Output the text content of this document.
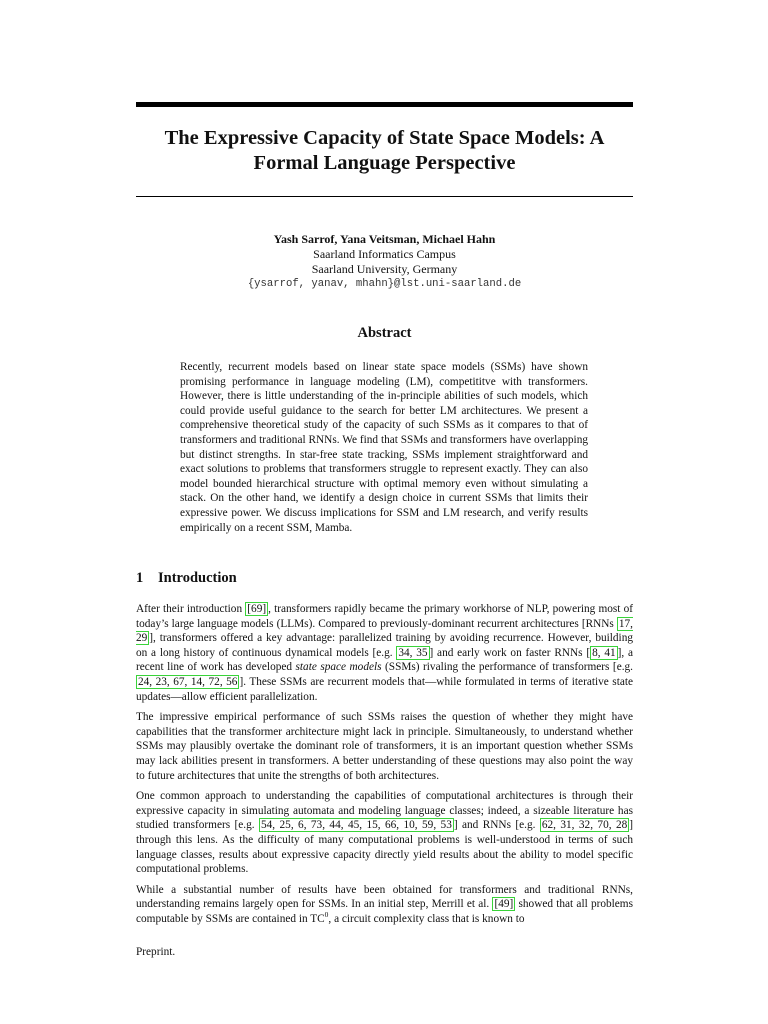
The Expressive Capacity of State Space Models: A Formal Language Perspective
Yash Sarrof, Yana Veitsman, Michael Hahn
Saarland Informatics Campus
Saarland University, Germany
{ysarrof, yanav, mhahn}@lst.uni-saarland.de
Abstract
Recently, recurrent models based on linear state space models (SSMs) have shown promising performance in language modeling (LM), competititve with transformers. However, there is little understanding of the in-principle abilities of such models, which could provide useful guidance to the search for better LM architectures. We present a comprehensive theoretical study of the capacity of such SSMs as it compares to that of transformers and traditional RNNs. We find that SSMs and transformers have overlapping but distinct strengths. In star-free state tracking, SSMs implement straightforward and exact solutions to problems that transformers struggle to represent exactly. They can also model bounded hierarchical structure with optimal memory even without simulating a stack. On the other hand, we identify a design choice in current SSMs that limits their expressive power. We discuss implications for SSM and LM research, and verify results empirically on a recent SSM, Mamba.
1 Introduction

After their introduction [69] , transformers rapidly became the primary workhorse of NLP, powering most of today’s large language models (LLMs). Compared to previously-dominant recurrent architectures [RNNs 17, 29 ], transformers offered a key advantage: parallelized training by avoiding recurrence. However, building on a long history of continuous dynamical models [e.g. 34, 35 ] and early work on faster RNNs [ 8, 41 ], a recent line of work has developed state space models (SSMs) rivaling the performance of transformers [e.g. 24, 23, 67, 14, 72, 56 ]. These SSMs are recurrent models that—while formulated in terms of iterative state updates—allow efficient parallelization.

The impressive empirical performance of such SSMs raises the question of whether they might have capabilities that the transformer architecture might lack in principle. Simultaneously, to understand whether SSMs may plausibly overtake the dominant role of transformers, it is an important question whether SSMs may lack abilities present in transformers. A better understanding of these questions may also point the way to future architectures that unite the strengths of both architectures.

One common approach to understanding the capabilities of computational architectures is through their expressive capacity in simulating automata and modeling language classes; indeed, a sizeable literature has studied transformers [e.g. 54, 25, 6, 73, 44, 45, 15, 66, 10, 59, 53 ] and RNNs [e.g. 62, 31, 32, 70, 28 ] through this lens. As the difficulty of many computational problems is well-understood in terms of such language classes, results about expressive capacity directly yield results about the ability to model specific computational problems.

While a substantial number of results have been obtained for transformers and traditional RNNs, understanding remains largely open for SSMs. In an initial step, Merrill et al. [49] showed that all problems computable by SSMs are contained in $TC^0$, a circuit complexity class that is known to

Preprint.
